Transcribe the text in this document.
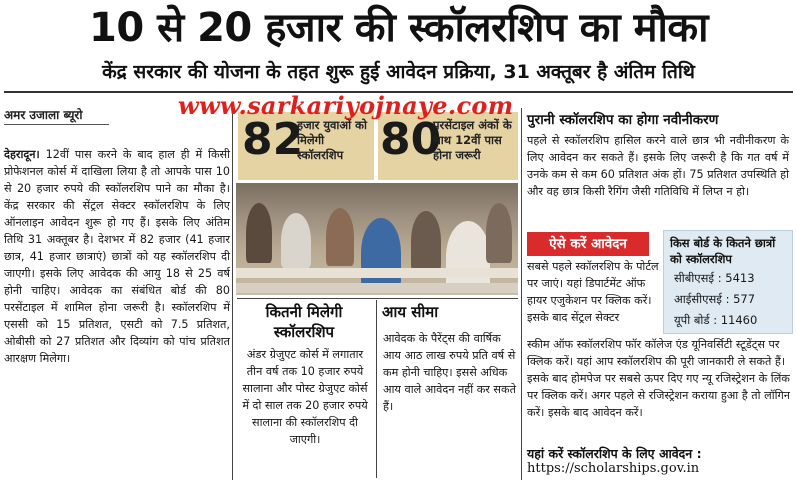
10 से 20 हजार की स्कॉलरशिप का मौका
केंद्र सरकार की योजना के तहत शुरू हुई आवेदन प्रक्रिया, 31 अक्तूबर है अंतिम तिथि
अमर उजाला ब्यूरो

देहरादून। 12वीं पास करने के बाद हाल ही में किसी प्रोफेशनल कोर्स में दाखिला लिया है तो आपके पास 10 से 20 हजार रुपये की स्कॉलरशिप पाने का मौका है। केंद्र सरकार की सेंट्रल सेक्टर स्कॉलरशिप के लिए ऑनलाइन आवेदन शुरू हो गए हैं। इसके लिए अंतिम तिथि 31 अक्तूबर है। देशभर में 82 हजार (41 हजार छात्र, 41 हजार छात्राएं) छात्रों को यह स्कॉलरशिप दी जाएगी। इसके लिए आवेदक की आयु 18 से 25 वर्ष होनी चाहिए। आवेदक का संबंधित बोर्ड की 80 परसेंटाइल में शामिल होना जरूरी है। स्कॉलरशिप में एससी को 15 प्रतिशत, एसटी को 7.5 प्रतिशत, ओबीसी को 27 प्रतिशत और दिव्यांग को पांच प्रतिशत आरक्षण मिलेगा।

82
हजार युवाओं को मिलेगी स्कॉलरशिप 80
परसेंटाइल अंकों के साथ 12वीं पास होना जरूरी
कितनी मिलेगी स्कॉलरशिप
अंडर ग्रेजुएट कोर्स में लगातार तीन वर्ष तक 10 हजार रुपये सालाना और पोस्ट ग्रेजुएट कोर्स में दो साल तक 20 हजार रुपये सालाना की स्कॉलरशिप दी जाएगी।
आय सीमा
आवेदक के पैरेंट्स की वार्षिक आय आठ लाख रुपये प्रति वर्ष से कम होनी चाहिए। इससे अधिक आय वाले आवेदन नहीं कर सकते हैं।
पुरानी स्कॉलरशिप का होगा नवीनीकरण
पहले से स्कॉलरशिप हासिल करने वाले छात्र भी नवीनीकरण के लिए आवेदन कर सकते हैं। इसके लिए जरूरी है कि गत वर्ष में उनके कम से कम 60 प्रतिशत अंक हों। 75 प्रतिशत उपस्थिति हो और वह छात्र किसी रैगिंग जैसी गतिविधि में लिप्त न हो।
ऐसे करें आवेदन
सबसे पहले स्कॉलरशिप के पोर्टल पर जाएं। यहां डिपार्टमेंट ऑफ हायर एजुकेशन पर क्लिक करें। इसके बाद सेंट्रल सेक्टर
किस बोर्ड के कितने छात्रों को स्कॉलरशिप
सीबीएसई : 5413
आईसीएसई : 577
यूपी बोर्ड : 11460
स्कीम ऑफ स्कॉलरशिप फॉर कॉलेज एंड यूनिवर्सिटी स्टूडेंट्स पर क्लिक करें। यहां आप स्कॉलरशिप की पूरी जानकारी ले सकते हैं। इसके बाद होमपेज पर सबसे ऊपर दिए गए न्यू रजिस्ट्रेशन के लिंक पर क्लिक करें। अगर पहले से रजिस्ट्रेशन कराया हुआ है तो लॉगिन करें। इसके बाद आवेदन करें।
यहां करें स्कॉलरशिप के लिए आवेदन :
https://scholarships.gov.in
www.sarkariyojnaye.com
